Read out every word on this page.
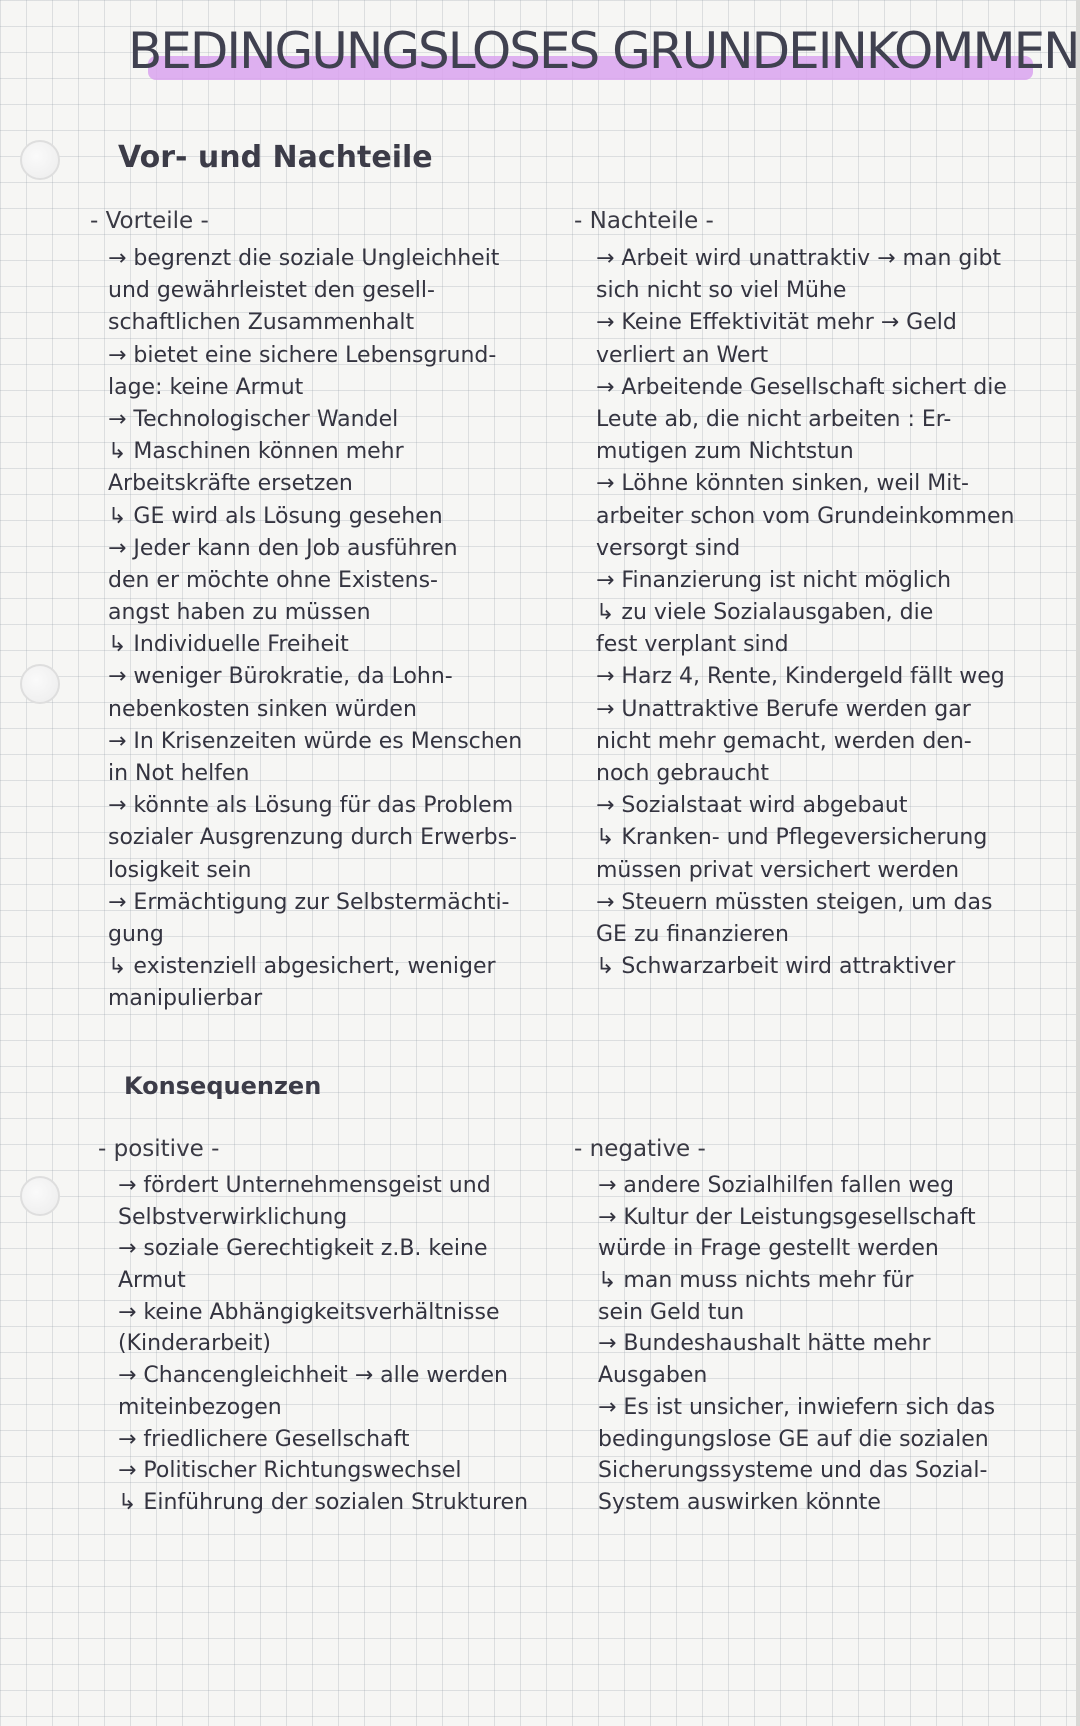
BEDINGUNGSLOSES GRUNDEINKOMMEN
Vor- und Nachteile
- Vorteile -
→ begrenzt die soziale Ungleichheit
und gewährleistet den gesell-
schaftlichen Zusammenhalt
→ bietet eine sichere Lebensgrund-
lage: keine Armut
→ Technologischer Wandel
↳ Maschinen können mehr
Arbeitskräfte ersetzen
↳ GE wird als Lösung gesehen
→ Jeder kann den Job ausführen
den er möchte ohne Existens-
angst haben zu müssen
↳ Individuelle Freiheit
→ weniger Bürokratie, da Lohn-
nebenkosten sinken würden
→ In Krisenzeiten würde es Menschen
in Not helfen
→ könnte als Lösung für das Problem
sozialer Ausgrenzung durch Erwerbs-
losigkeit sein
→ Ermächtigung zur Selbstermächti-
gung
↳ existenziell abgesichert, weniger
manipulierbar
- Nachteile -
→ Arbeit wird unattraktiv → man gibt
sich nicht so viel Mühe
→ Keine Effektivität mehr → Geld
verliert an Wert
→ Arbeitende Gesellschaft sichert die
Leute ab, die nicht arbeiten : Er-
mutigen zum Nichtstun
→ Löhne könnten sinken, weil Mit-
arbeiter schon vom Grundeinkommen
versorgt sind
→ Finanzierung ist nicht möglich
↳ zu viele Sozialausgaben, die
fest verplant sind
→ Harz 4, Rente, Kindergeld fällt weg
→ Unattraktive Berufe werden gar
nicht mehr gemacht, werden den-
noch gebraucht
→ Sozialstaat wird abgebaut
↳ Kranken- und Pflegeversicherung
müssen privat versichert werden
→ Steuern müssten steigen, um das
GE zu finanzieren
↳ Schwarzarbeit wird attraktiver
Konsequenzen
- positive -
→ fördert Unternehmensgeist und
Selbstverwirklichung
→ soziale Gerechtigkeit z.B. keine
Armut
→ keine Abhängigkeitsverhältnisse
(Kinderarbeit)
→ Chancengleichheit → alle werden
miteinbezogen
→ friedlichere Gesellschaft
→ Politischer Richtungswechsel
↳ Einführung der sozialen Strukturen
- negative -
→ andere Sozialhilfen fallen weg
→ Kultur der Leistungsgesellschaft
würde in Frage gestellt werden
↳ man muss nichts mehr für
sein Geld tun
→ Bundeshaushalt hätte mehr
Ausgaben
→ Es ist unsicher, inwiefern sich das
bedingungslose GE auf die sozialen
Sicherungssysteme und das Sozial-
System auswirken könnte
